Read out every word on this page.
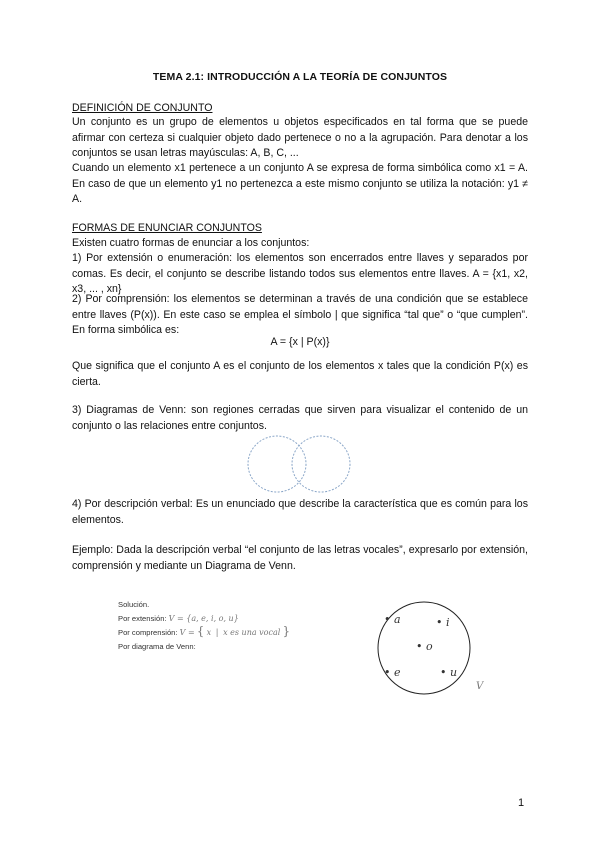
TEMA 2.1: INTRODUCCIÓN A LA TEORÍA DE CONJUNTOS
DEFINICIÓN DE CONJUNTO
Un conjunto es un grupo de elementos u objetos especificados en tal forma que se puede afirmar con certeza si cualquier objeto dado pertenece o no a la agrupación. Para denotar a los conjuntos se usan letras mayúsculas: A, B, C, ...
Cuando un elemento x1 pertenece a un conjunto A se expresa de forma simbólica como x1 = A. En caso de que un elemento y1 no pertenezca a este mismo conjunto se utiliza la notación: y1 ≠ A.
FORMAS DE ENUNCIAR CONJUNTOS
Existen cuatro formas de enunciar a los conjuntos:
1) Por extensión o enumeración: los elementos son encerrados entre llaves y separados por comas. Es decir, el conjunto se describe listando todos sus elementos entre llaves. A = {x1, x2, x3, ... , xn}
2) Por comprensión: los elementos se determinan a través de una condición que se establece entre llaves (P(x)). En este caso se emplea el símbolo | que significa “tal que” o “que cumplen”. En forma simbólica es:
A = {x | P(x)}
Que significa que el conjunto A es el conjunto de los elementos x tales que la condición P(x) es cierta.
3) Diagramas de Venn: son regiones cerradas que sirven para visualizar el contenido de un conjunto o las relaciones entre conjuntos.
4) Por descripción verbal: Es un enunciado que describe la característica que es común para los elementos.
Ejemplo: Dada la descripción verbal “el conjunto de las letras vocales”, expresarlo por extensión, comprensión y mediante un Diagrama de Venn.
Solución.
Por extensión: V = {a, e, i, o, u}
Por comprensión: V = { x  |  x es una vocal }
Por diagrama de Venn:
• a	• i
• o
• e	• u
V
1
